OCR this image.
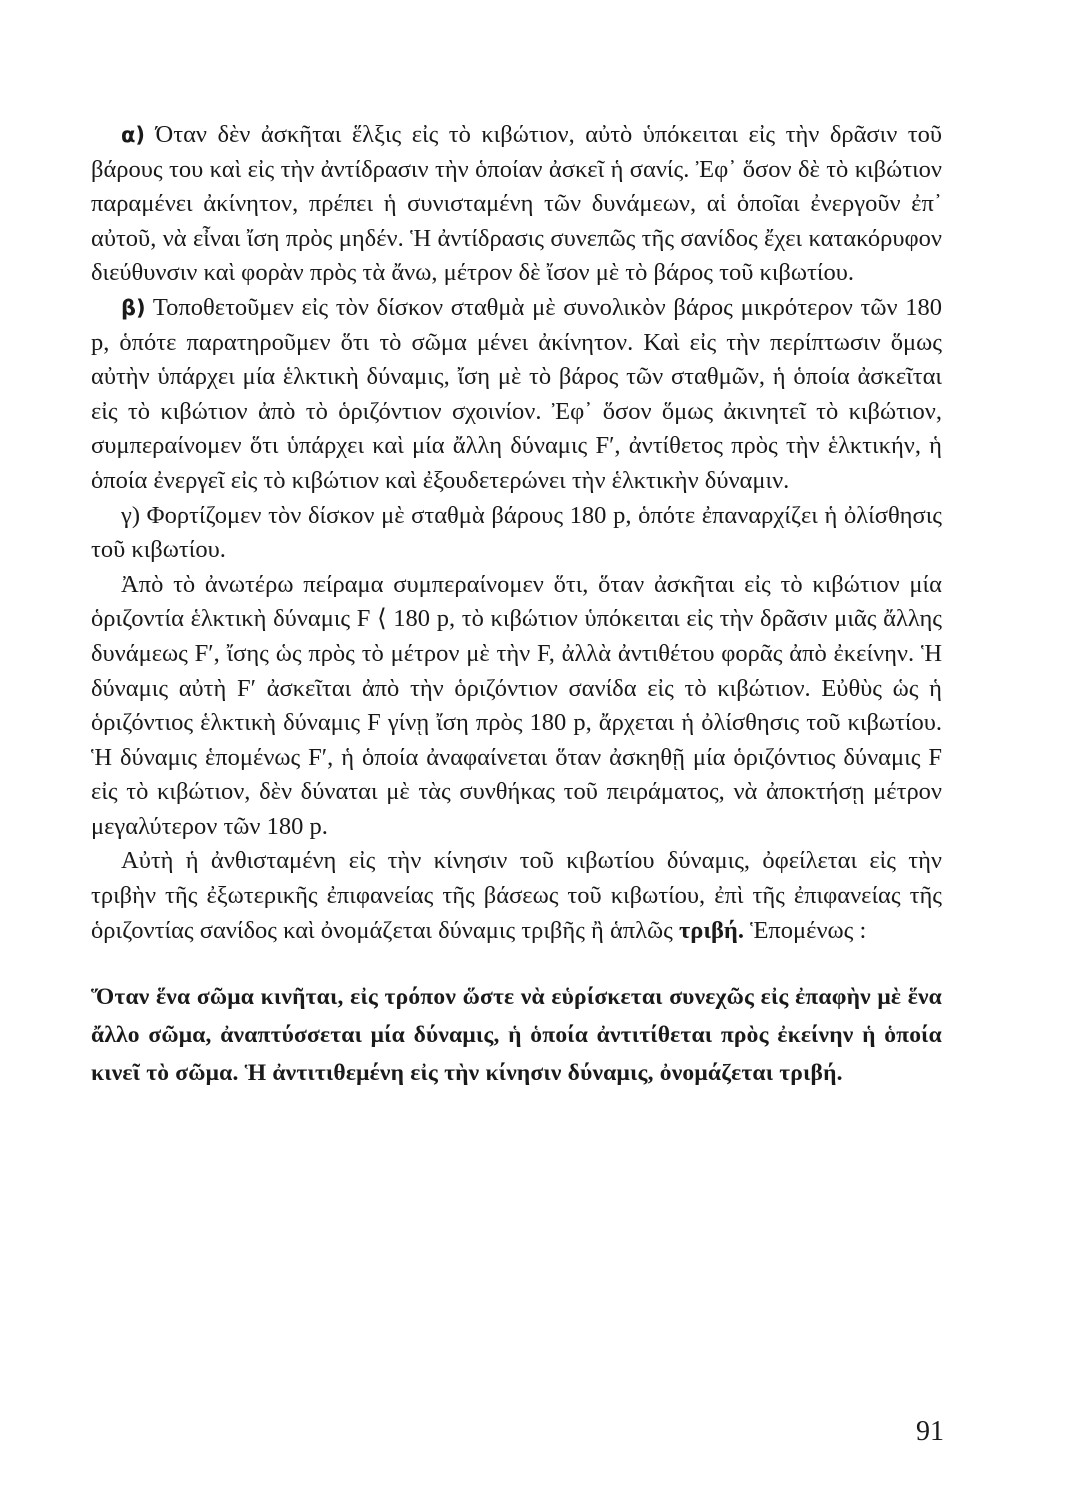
α) Όταν δὲν ἀσκῆται ἕλξις εἰς τὸ κιβώτιον, αὐτὸ ὑπόκειται εἰς τὴν δρᾶσιν τοῦ βάρους του καὶ εἰς τὴν ἀντίδρασιν τὴν ὁποίαν ἀσκεῖ ἡ σανίς. Ἐφ᾽ ὅσον δὲ τὸ κιβώτιον παραμένει ἀκίνητον, πρέπει ἡ συνισταμένη τῶν δυνάμεων, αἱ ὁποῖαι ἐνεργοῦν ἐπ᾽ αὐτοῦ, νὰ εἶναι ἴση πρὸς μηδέν. Ἡ ἀντίδρασις συνεπῶς τῆς σανίδος ἔχει κατακόρυφον διεύθυνσιν καὶ φορὰν πρὸς τὰ ἄνω, μέτρον δὲ ἴσον μὲ τὸ βάρος τοῦ κιβωτίου.

β) Τοποθετοῦμεν εἰς τὸν δίσκον σταθμὰ μὲ συνολικὸν βάρος μικρότερον τῶν 180 p, ὁπότε παρατηροῦμεν ὅτι τὸ σῶμα μένει ἀκίνητον. Καὶ εἰς τὴν περίπτωσιν ὅμως αὐτὴν ὑπάρχει μία ἑλκτικὴ δύναμις, ἴση μὲ τὸ βάρος τῶν σταθμῶν, ἡ ὁποία ἀσκεῖται εἰς τὸ κιβώτιον ἀπὸ τὸ ὁριζόντιον σχοινίον. Ἐφ᾽ ὅσον ὅμως ἀκινητεῖ τὸ κιβώτιον, συμπεραίνομεν ὅτι ὑπάρχει καὶ μία ἄλλη δύναμις F′, ἀντίθετος πρὸς τὴν ἑλκτικήν, ἡ ὁποία ἐνεργεῖ εἰς τὸ κιβώτιον καὶ ἐξουδετερώνει τὴν ἑλκτικὴν δύναμιν.

γ) Φορτίζομεν τὸν δίσκον μὲ σταθμὰ βάρους 180 p, ὁπότε ἐπαναρχίζει ἡ ὀλίσθησις τοῦ κιβωτίου.

Ἀπὸ τὸ ἀνωτέρω πείραμα συμπεραίνομεν ὅτι, ὅταν ἀσκῆται εἰς τὸ κιβώτιον μία ὁριζοντία ἑλκτικὴ δύναμις F ⟨ 180 p, τὸ κιβώτιον ὑπόκειται εἰς τὴν δρᾶσιν μιᾶς ἄλλης δυνάμεως F′, ἴσης ὡς πρὸς τὸ μέτρον μὲ τὴν F, ἀλλὰ ἀντιθέτου φορᾶς ἀπὸ ἐκείνην. Ἡ δύναμις αὐτὴ F′ ἀσκεῖται ἀπὸ τὴν ὁριζόντιον σανίδα εἰς τὸ κιβώτιον. Εὐθὺς ὡς ἡ ὁριζόντιος ἑλκτικὴ δύναμις F γίνῃ ἴση πρὸς 180 p, ἄρχεται ἡ ὀλίσθησις τοῦ κιβωτίου. Ἡ δύναμις ἑπομένως F′, ἡ ὁποία ἀναφαίνεται ὅταν ἀσκηθῇ μία ὁριζόντιος δύναμις F εἰς τὸ κιβώτιον, δὲν δύναται μὲ τὰς συνθήκας τοῦ πειράματος, νὰ ἀποκτήσῃ μέτρον μεγαλύτερον τῶν 180 p.

Αὐτὴ ἡ ἀνθισταμένη εἰς τὴν κίνησιν τοῦ κιβωτίου δύναμις, ὀφείλεται εἰς τὴν τριβὴν τῆς ἐξωτερικῆς ἐπιφανείας τῆς βάσεως τοῦ κιβωτίου, ἐπὶ τῆς ἐπιφανείας τῆς ὁριζοντίας σανίδος καὶ ὀνομάζεται δύναμις τριβῆς ἢ ἁπλῶς τριβή. Ἑπομένως :

Ὅταν ἕνα σῶμα κινῆται, εἰς τρόπον ὥστε νὰ εὑρίσκεται συνεχῶς εἰς ἐπαφὴν μὲ ἕνα ἄλλο σῶμα, ἀναπτύσσεται μία δύναμις, ἡ ὁποία ἀντιτίθεται πρὸς ἐκείνην ἡ ὁποία κινεῖ τὸ σῶμα. Ἡ ἀντιτιθεμένη εἰς τὴν κίνησιν δύναμις, ὀνομάζεται τριβή.

91
